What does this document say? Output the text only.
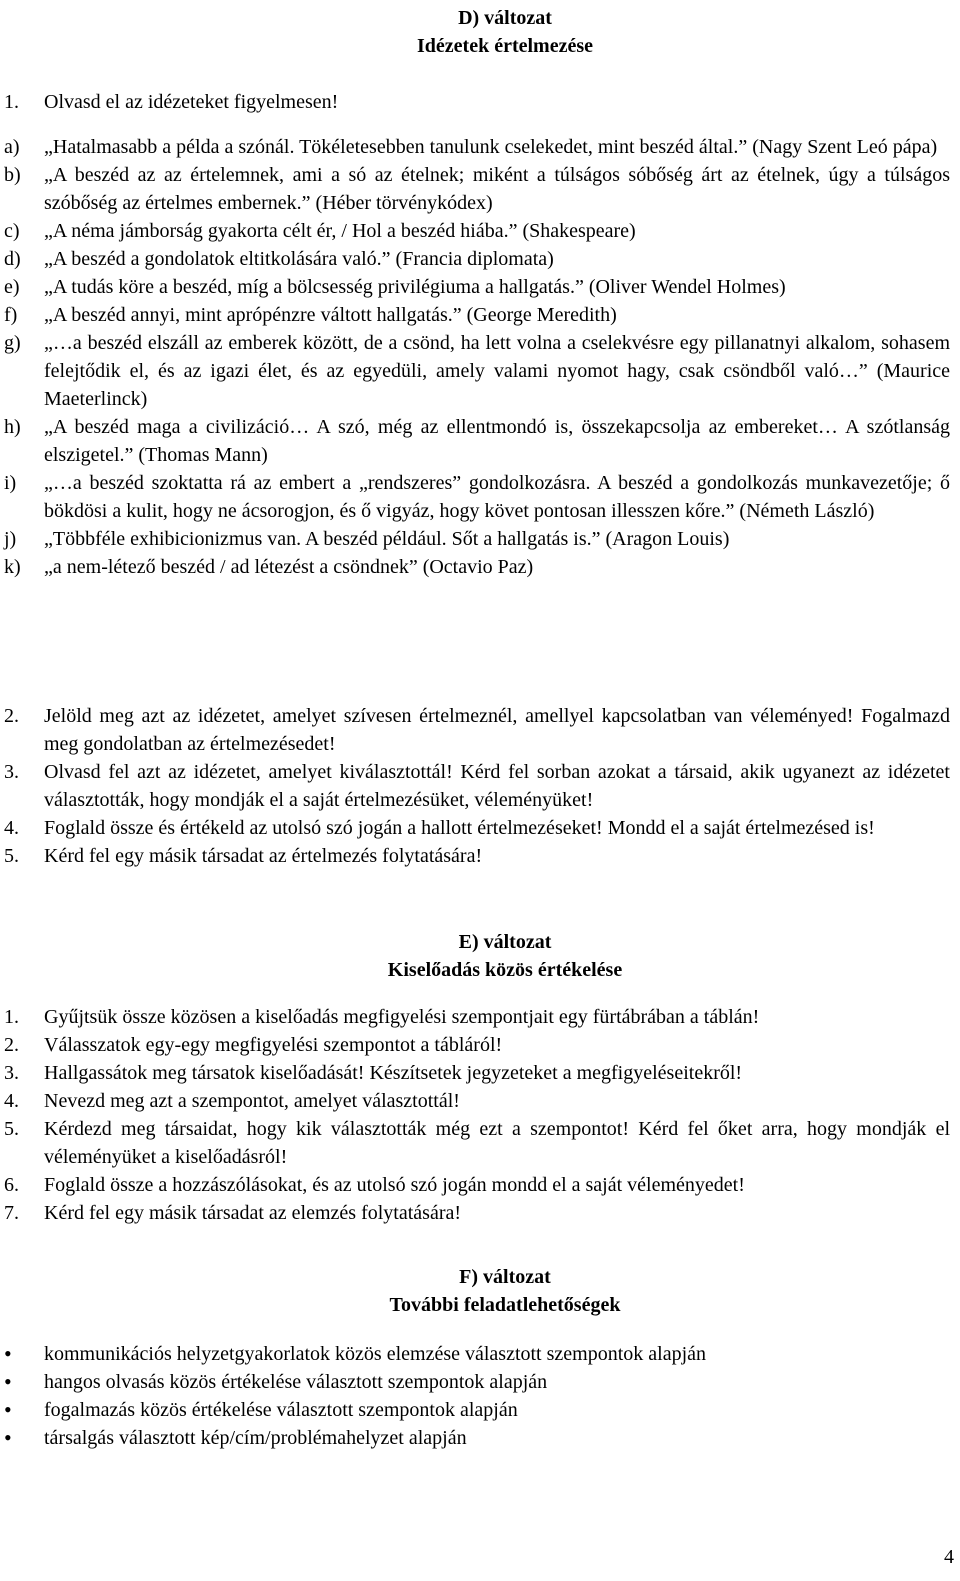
D) változat
Idézetek értelmezése
1.	Olvasd el az idézeteket figyelmesen!
a)	„Hatalmasabb a példa a szónál. Tökéletesebben tanulunk cselekedet, mint beszéd által.” (Nagy Szent Leó pápa)
b)	„A beszéd az az értelemnek, ami a só az ételnek; miként a túlságos sóbőség árt az ételnek, úgy a túlságos szóbőség az értelmes embernek.” (Héber törvénykódex)
c)	„A néma jámborság gyakorta célt ér, / Hol a beszéd hiába.” (Shakespeare)
d)	„A beszéd a gondolatok eltitkolására való.” (Francia diplomata)
e)	„A tudás köre a beszéd, míg a bölcsesség privilégiuma a hallgatás.” (Oliver Wendel Holmes)
f)	„A beszéd annyi, mint aprópénzre váltott hallgatás.” (George Meredith)
g)	„…a beszéd elszáll az emberek között, de a csönd, ha lett volna a cselekvésre egy pillanatnyi alkalom, sohasem felejtődik el, és az igazi élet, és az egyedüli, amely valami nyomot hagy, csak csöndből való…” (Maurice Maeterlinck)
h)	„A beszéd maga a civilizáció… A szó, még az ellentmondó is, összekapcsolja az embereket… A szótlanság elszigetel.” (Thomas Mann)
i)	„…a beszéd szoktatta rá az embert a „rendszeres” gondolkozásra. A beszéd a gondolkozás munkavezetője; ő bökdösi a kulit, hogy ne ácsorogjon, és ő vigyáz, hogy követ pontosan illesszen kőre.” (Németh László)
j)	„Többféle exhibicionizmus van. A beszéd például. Sőt a hallgatás is.” (Aragon Louis)
k)	„a nem-létező beszéd / ad létezést a csöndnek” (Octavio Paz)
2.	Jelöld meg azt az idézetet, amelyet szívesen értelmeznél, amellyel kapcsolatban van véleményed! Fogalmazd meg gondolatban az értelmezésedet!
3.	Olvasd fel azt az idézetet, amelyet kiválasztottál! Kérd fel sorban azokat a társaid, akik ugyanezt az idézetet választották, hogy mondják el a saját értelmezésüket, véleményüket!
4.	Foglald össze és értékeld az utolsó szó jogán a hallott értelmezéseket! Mondd el a saját értelmezésed is!
5.	Kérd fel egy másik társadat az értelmezés folytatására!
E) változat
Kiselőadás közös értékelése
1.	Gyűjtsük össze közösen a kiselőadás megfigyelési szempontjait egy fürtábrában a táblán!
2.	Válasszatok egy-egy megfigyelési szempontot a tábláról!
3.	Hallgassátok meg társatok kiselőadását! Készítsetek jegyzeteket a megfigyeléseitekről!
4.	Nevezd meg azt a szempontot, amelyet választottál!
5.	Kérdezd meg társaidat, hogy kik választották még ezt a szempontot! Kérd fel őket arra, hogy mondják el véleményüket a kiselőadásról!
6.	Foglald össze a hozzászólásokat, és az utolsó szó jogán mondd el a saját véleményedet!
7.	Kérd fel egy másik társadat az elemzés folytatására!
F) változat
További feladatlehetőségek
•	kommunikációs helyzetgyakorlatok közös elemzése választott szempontok alapján
•	hangos olvasás közös értékelése választott szempontok alapján
•	fogalmazás közös értékelése választott szempontok alapján
•	társalgás választott kép/cím/problémahelyzet alapján
4
